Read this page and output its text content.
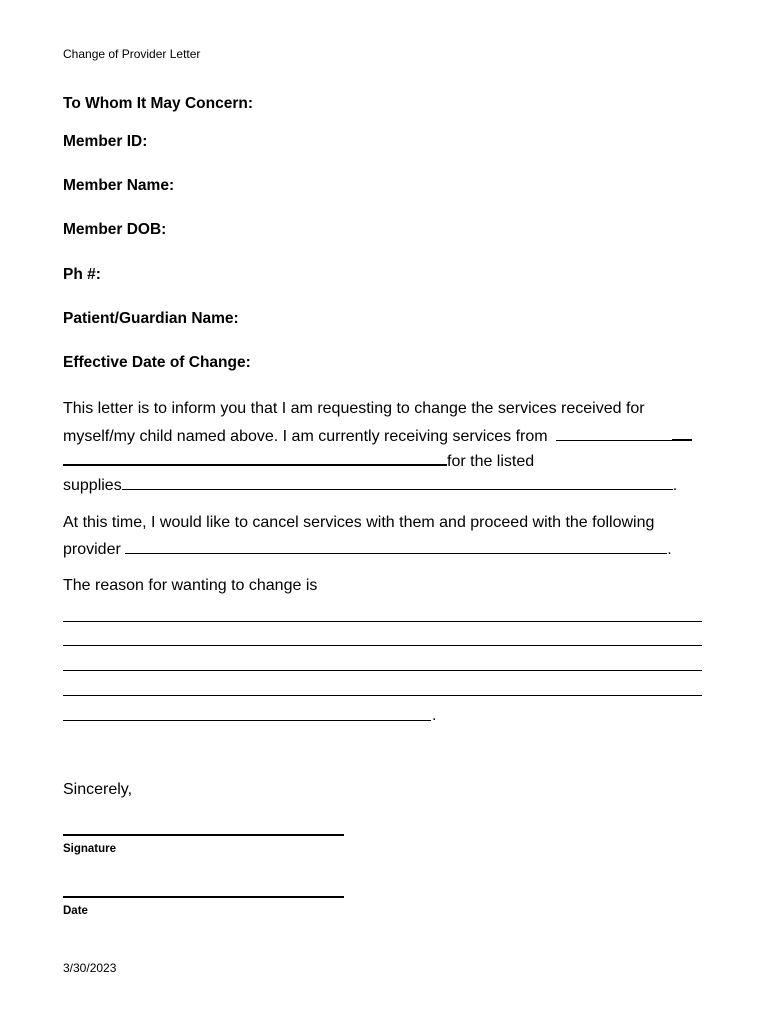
Change of Provider Letter
To Whom It May Concern:
Member ID:
Member Name:
Member DOB:
Ph #:
Patient/Guardian Name:
Effective Date of Change:
This letter is to inform you that I am requesting to change the services received for
myself/my child named above. I am currently receiving services from
for the listed
supplies	.
At this time, I would like to cancel services with them and proceed with the following
provider	.
The reason for wanting to change is
.
Sincerely,
Signature
Date
3/30/2023
